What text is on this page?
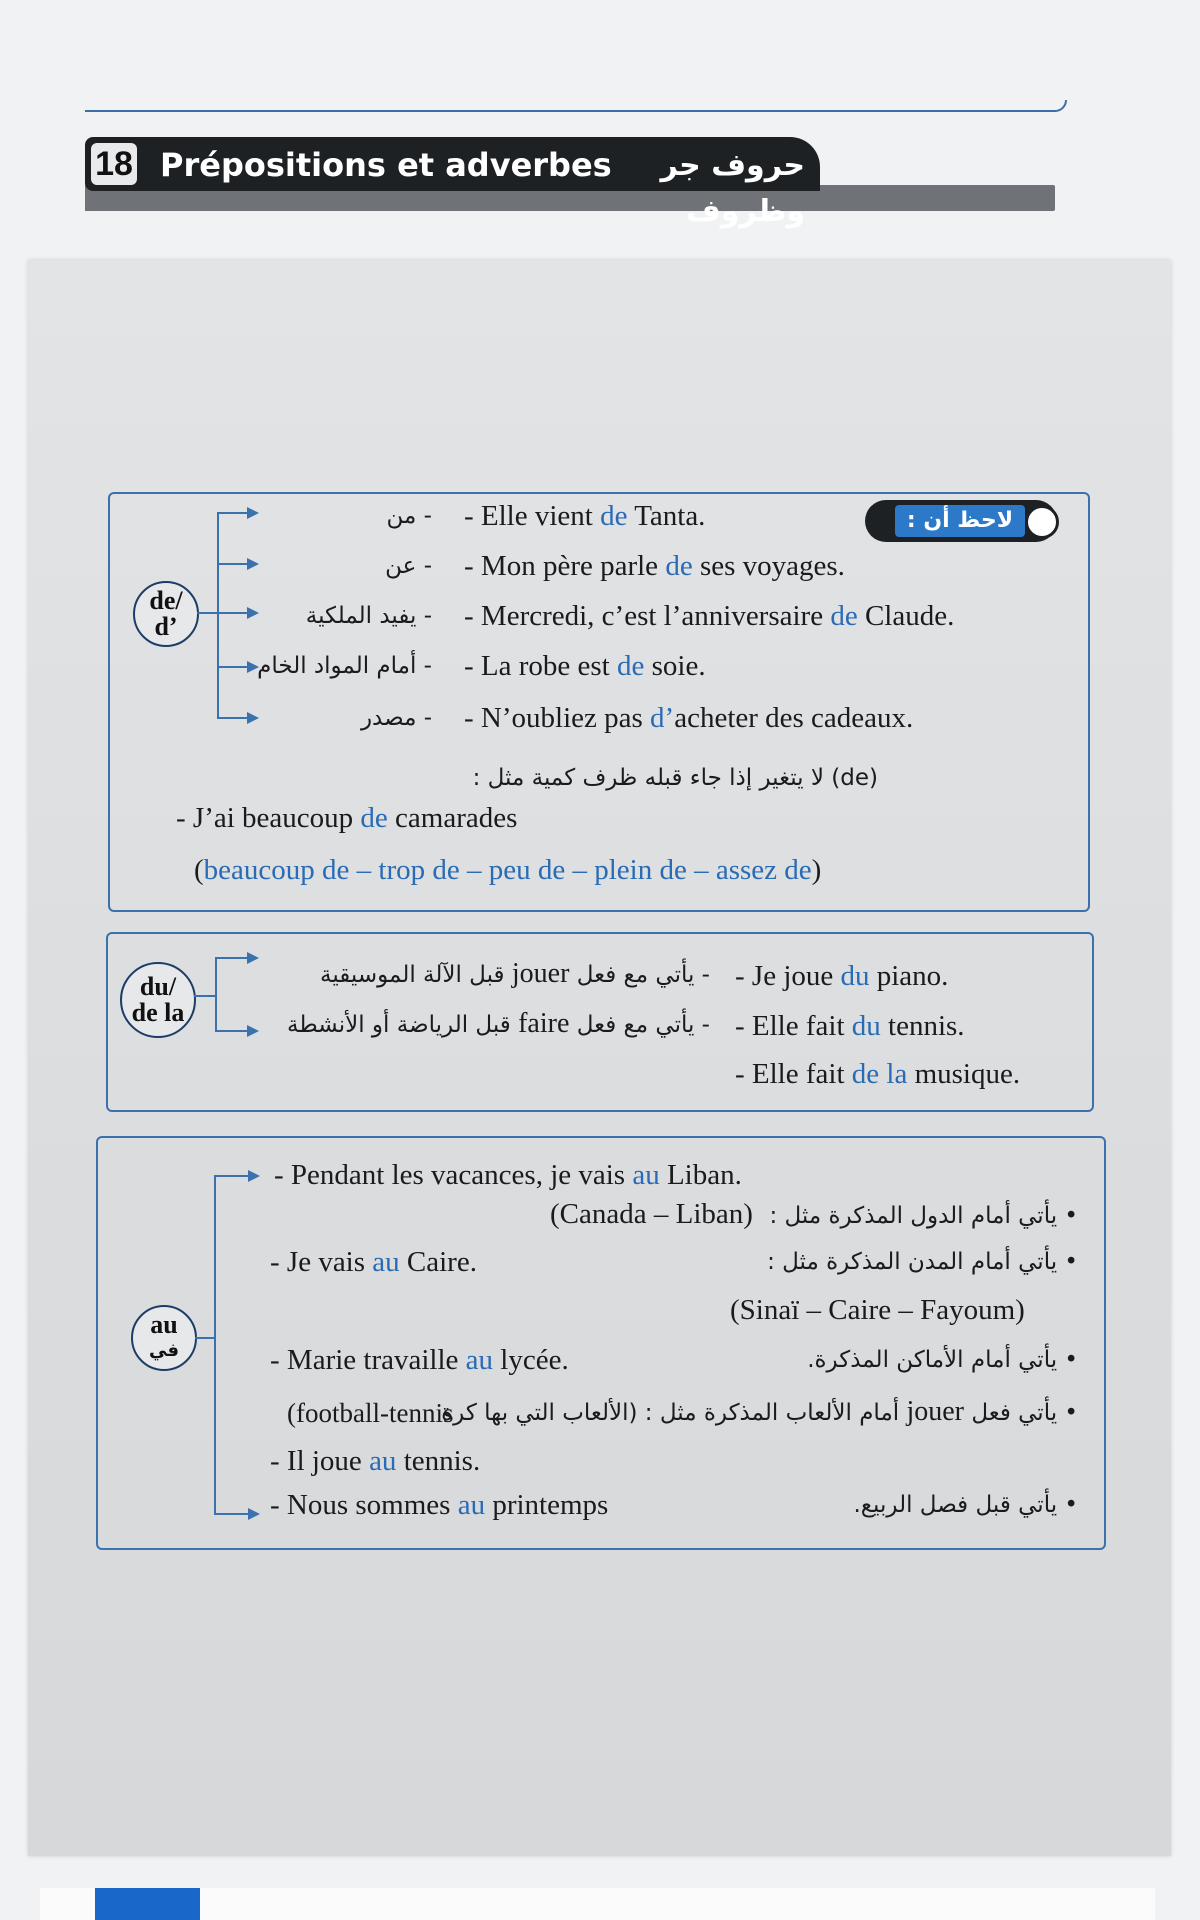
18 Prépositions et adverbes	حروف جر وظروف
de/
d’
- من - Elle vient de Tanta.
- عن - Mon père parle de ses voyages.
- يفيد الملكية - Mercredi, c’est l’anniversaire de Claude.
- أمام المواد الخام - La robe est de soie.
- مصدر - N’oubliez pas d’acheter des cadeaux.
لاحظ أن :
(de) لا يتغير إذا جاء قبله ظرف كمية مثل :
- J’ai beaucoup de camarades
(beaucoup de – trop de – peu de – plein de – assez de)
du/
de la
- يأتي مع فعل jouer قبل الآلة الموسيقية	- Je joue du piano.
- يأتي مع فعل faire قبل الرياضة أو الأنشطة	- Elle fait du tennis.
- Elle fait de la musique.
au
في
- Pendant les vacances, je vais au Liban.
• يأتي أمام الدول المذكرة مثل :
(Canada – Liban)
- Je vais au Caire.	• يأتي أمام المدن المذكرة مثل :
(Sinaï – Caire – Fayoum)
- Marie travaille au lycée.	• يأتي أمام الأماكن المذكرة.
• يأتي فعل jouer أمام الألعاب المذكرة مثل : (الألعاب التي بها كرة
(football-tennis
- Il joue au tennis.
- Nous sommes au printemps	• يأتي قبل فصل الربيع.
